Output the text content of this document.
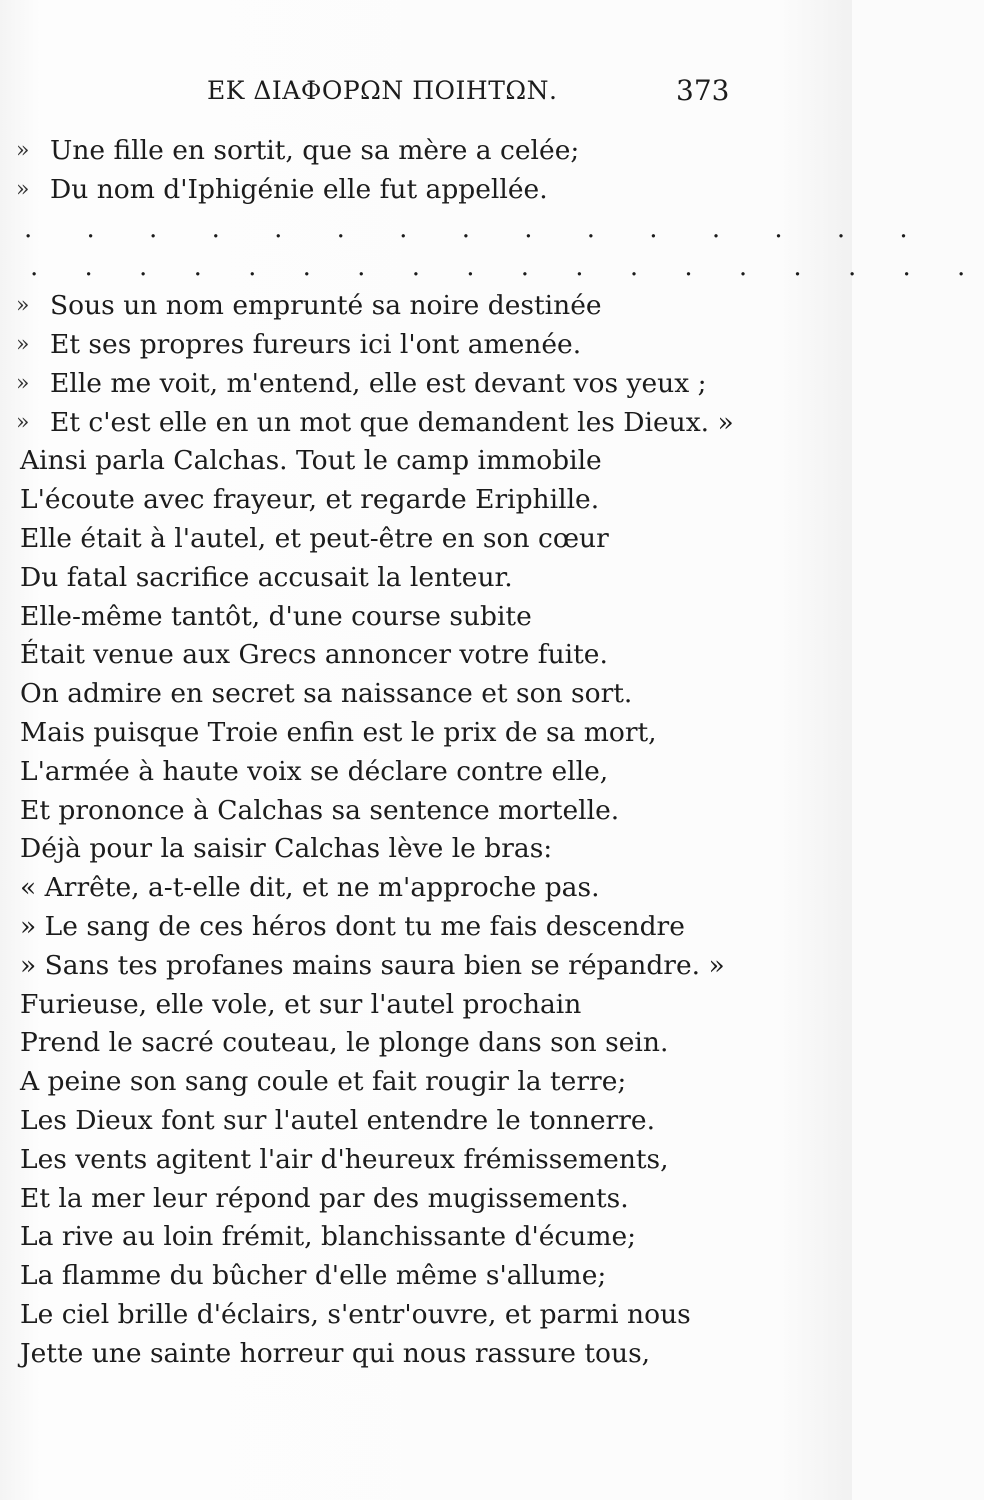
ΕΚ ΔΙΑΦΟΡΩΝ ΠΟΙΗΤΩΝ.	373
» Une fille en sortit, que sa mère a celée;
» Du nom d'Iphigénie elle fut appellée.
. . . . . . . . . . . . . . .
. . . . . . . . . . . . . . . . . .
» Sous un nom emprunté sa noire destinée
» Et ses propres fureurs ici l'ont amenée.
» Elle me voit, m'entend, elle est devant vos yeux ;
» Et c'est elle en un mot que demandent les Dieux. »
Ainsi parla Calchas. Tout le camp immobile
L'écoute avec frayeur, et regarde Eriphille.
Elle était à l'autel, et peut-être en son cœur
Du fatal sacrifice accusait la lenteur.
Elle-même tantôt, d'une course subite
Était venue aux Grecs annoncer votre fuite.
On admire en secret sa naissance et son sort.
Mais puisque Troie enfin est le prix de sa mort,
L'armée à haute voix se déclare contre elle,
Et prononce à Calchas sa sentence mortelle.
Déjà pour la saisir Calchas lève le bras:
« Arrête, a-t-elle dit, et ne m'approche pas.
» Le sang de ces héros dont tu me fais descendre
» Sans tes profanes mains saura bien se répandre. »
Furieuse, elle vole, et sur l'autel prochain
Prend le sacré couteau, le plonge dans son sein.
A peine son sang coule et fait rougir la terre;
Les Dieux font sur l'autel entendre le tonnerre.
Les vents agitent l'air d'heureux frémissements,
Et la mer leur répond par des mugissements.
La rive au loin frémit, blanchissante d'écume;
La flamme du bûcher d'elle même s'allume;
Le ciel brille d'éclairs, s'entr'ouvre, et parmi nous
Jette une sainte horreur qui nous rassure tous,
